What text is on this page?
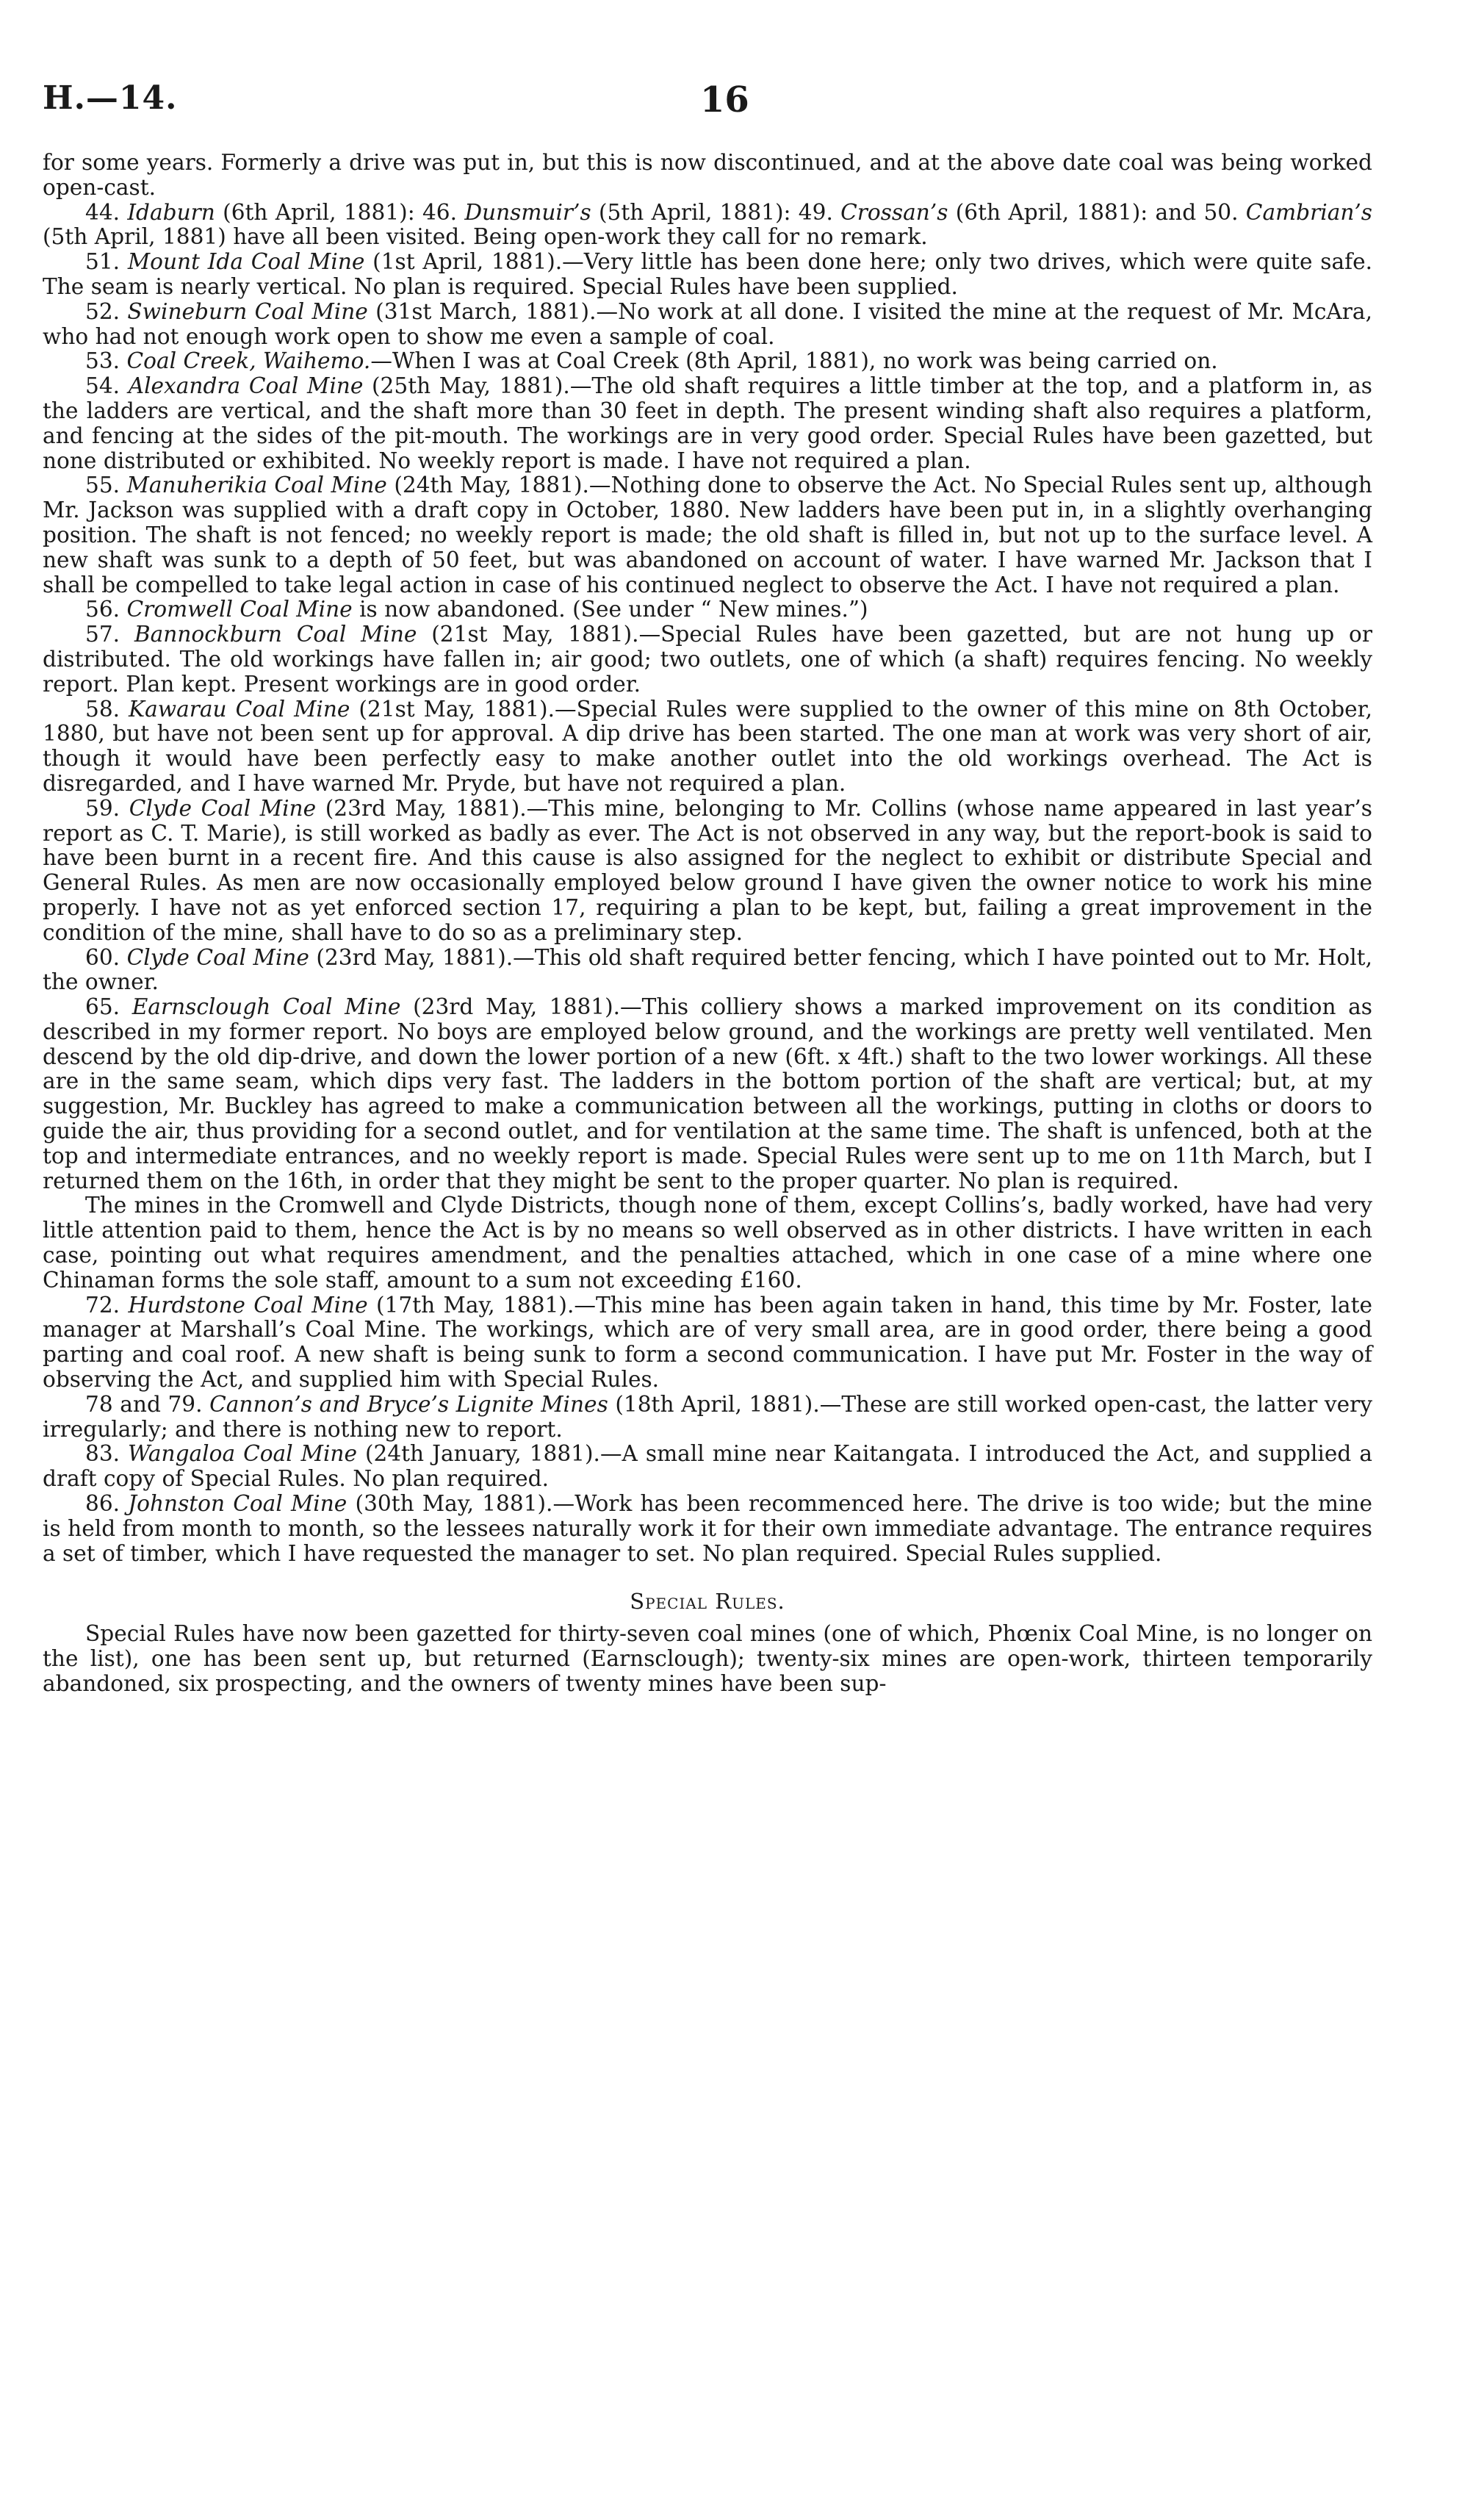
H.—14.	16

for some years. Formerly a drive was put in, but this is now discontinued, and at the above date coal was being worked open-cast.

44. Idaburn (6th April, 1881): 46. Dunsmuir’s (5th April, 1881): 49. Crossan’s (6th April, 1881): and 50. Cambrian’s (5th April, 1881) have all been visited. Being open-work they call for no remark.

51. Mount Ida Coal Mine (1st April, 1881).—Very little has been done here; only two drives, which were quite safe. The seam is nearly vertical. No plan is required. Special Rules have been supplied.

52. Swineburn Coal Mine (31st March, 1881).—No work at all done. I visited the mine at the request of Mr. McAra, who had not enough work open to show me even a sample of coal.

53. Coal Creek, Waihemo.—When I was at Coal Creek (8th April, 1881), no work was being carried on.

54. Alexandra Coal Mine (25th May, 1881).—The old shaft requires a little timber at the top, and a platform in, as the ladders are vertical, and the shaft more than 30 feet in depth. The present winding shaft also requires a platform, and fencing at the sides of the pit-mouth. The workings are in very good order. Special Rules have been gazetted, but none distributed or exhibited. No weekly report is made. I have not required a plan.

55. Manuherikia Coal Mine (24th May, 1881).—Nothing done to observe the Act. No Special Rules sent up, although Mr. Jackson was supplied with a draft copy in October, 1880. New ladders have been put in, in a slightly overhanging position. The shaft is not fenced; no weekly report is made; the old shaft is filled in, but not up to the surface level. A new shaft was sunk to a depth of 50 feet, but was abandoned on account of water. I have warned Mr. Jackson that I shall be compelled to take legal action in case of his continued neglect to observe the Act. I have not required a plan.

56. Cromwell Coal Mine is now abandoned. (See under “ New mines.”)

57. Bannockburn Coal Mine (21st May, 1881).—Special Rules have been gazetted, but are not hung up or distributed. The old workings have fallen in; air good; two outlets, one of which (a shaft) requires fencing. No weekly report. Plan kept. Present workings are in good order.

58. Kawarau Coal Mine (21st May, 1881).—Special Rules were supplied to the owner of this mine on 8th October, 1880, but have not been sent up for approval. A dip drive has been started. The one man at work was very short of air, though it would have been perfectly easy to make another outlet into the old workings overhead. The Act is disregarded, and I have warned Mr. Pryde, but have not required a plan.

59. Clyde Coal Mine (23rd May, 1881).—This mine, belonging to Mr. Collins (whose name appeared in last year’s report as C. T. Marie), is still worked as badly as ever. The Act is not observed in any way, but the report-book is said to have been burnt in a recent fire. And this cause is also assigned for the neglect to exhibit or distribute Special and General Rules. As men are now occasionally employed below ground I have given the owner notice to work his mine properly. I have not as yet enforced section 17, requiring a plan to be kept, but, failing a great improvement in the condition of the mine, shall have to do so as a preliminary step.

60. Clyde Coal Mine (23rd May, 1881).—This old shaft required better fencing, which I have pointed out to Mr. Holt, the owner.

65. Earnsclough Coal Mine (23rd May, 1881).—This colliery shows a marked improvement on its condition as described in my former report. No boys are employed below ground, and the workings are pretty well ventilated. Men descend by the old dip-drive, and down the lower portion of a new (6ft. x 4ft.) shaft to the two lower workings. All these are in the same seam, which dips very fast. The ladders in the bottom portion of the shaft are vertical; but, at my suggestion, Mr. Buckley has agreed to make a communication between all the workings, putting in cloths or doors to guide the air, thus providing for a second outlet, and for ventilation at the same time. The shaft is unfenced, both at the top and intermediate entrances, and no weekly report is made. Special Rules were sent up to me on 11th March, but I returned them on the 16th, in order that they might be sent to the proper quarter. No plan is required.

The mines in the Cromwell and Clyde Districts, though none of them, except Collins’s, badly worked, have had very little attention paid to them, hence the Act is by no means so well observed as in other districts. I have written in each case, pointing out what requires amendment, and the penalties attached, which in one case of a mine where one Chinaman forms the sole staff, amount to a sum not exceeding £160.

72. Hurdstone Coal Mine (17th May, 1881).—This mine has been again taken in hand, this time by Mr. Foster, late manager at Marshall’s Coal Mine. The workings, which are of very small area, are in good order, there being a good parting and coal roof. A new shaft is being sunk to form a second communication. I have put Mr. Foster in the way of observing the Act, and supplied him with Special Rules.

78 and 79. Cannon’s and Bryce’s Lignite Mines (18th April, 1881).—These are still worked open-cast, the latter very irregularly; and there is nothing new to report.

83. Wangaloa Coal Mine (24th January, 1881).—A small mine near Kaitangata. I introduced the Act, and supplied a draft copy of Special Rules. No plan required.

86. Johnston Coal Mine (30th May, 1881).—Work has been recommenced here. The drive is too wide; but the mine is held from month to month, so the lessees naturally work it for their own immediate advantage. The entrance requires a set of timber, which I have requested the manager to set. No plan required. Special Rules supplied.

Special Rules.

Special Rules have now been gazetted for thirty-seven coal mines (one of which, Phœnix Coal Mine, is no longer on the list), one has been sent up, but returned (Earnsclough); twenty-six mines are open-work, thirteen temporarily abandoned, six prospecting, and the owners of twenty mines have been sup-
